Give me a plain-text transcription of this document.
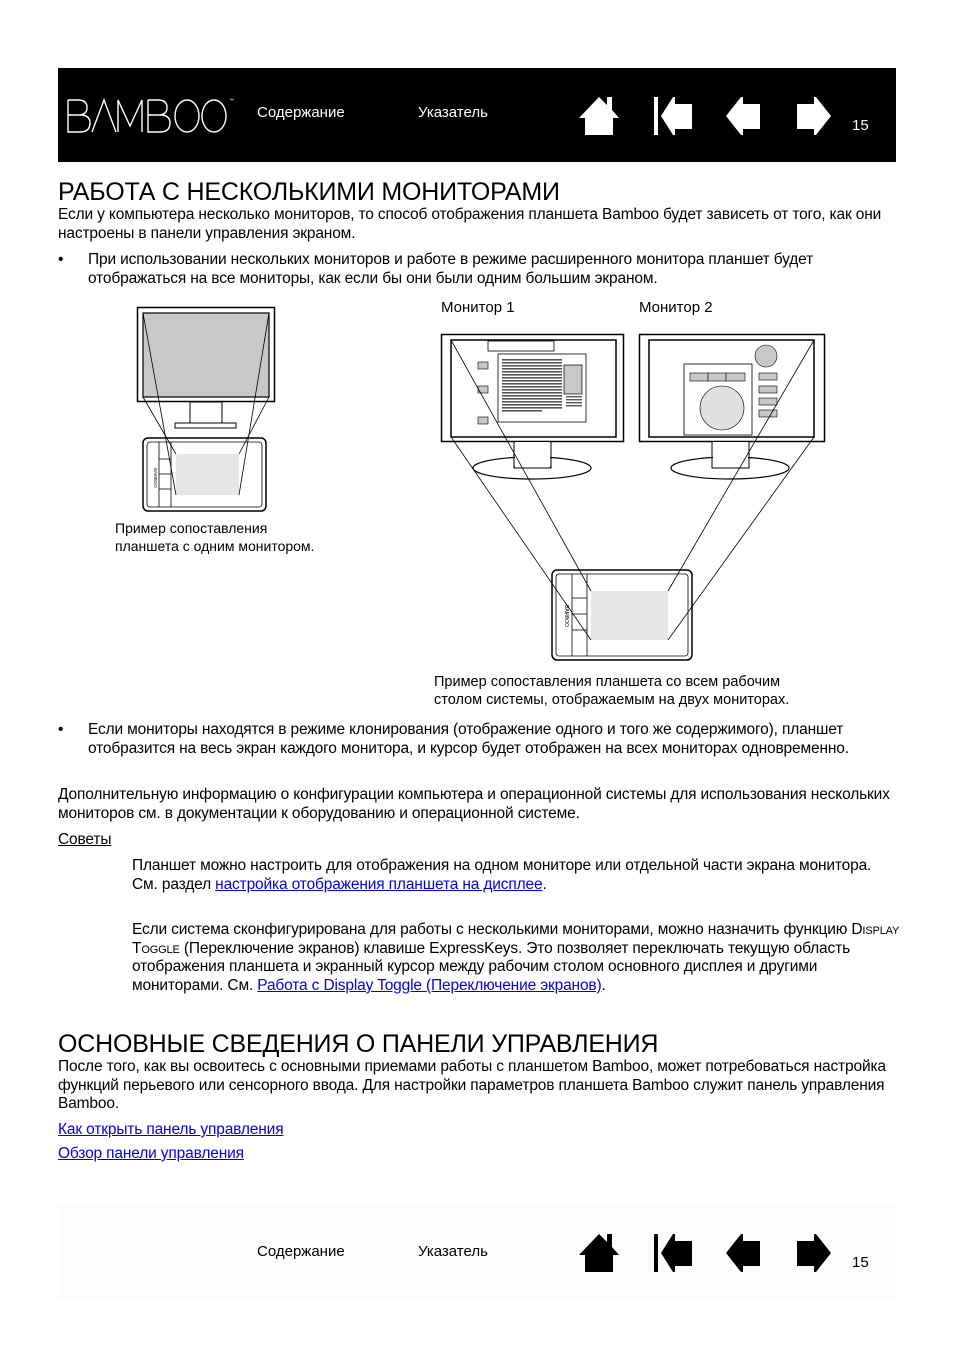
™
Содержание	Указатель
15
РАБОТА С НЕСКОЛЬКИМИ МОНИТОРАМИ

Если у компьютера несколько мониторов, то способ отображения планшета Bamboo будет зависеть от того, как они настроены в панели управления экраном.

• При использовании нескольких мониторов и работе в режиме расширенного монитора планшет будет отображаться на все мониторы, как если бы они были одним большим экраном.

BAMBOO
Пример сопоставления планшета с одним монитором.
Монитор 1	Монитор 2
BAMBOO
Пример сопоставления планшета со всем рабочим
столом системы, отображаемым на двух мониторах.
• Если мониторы находятся в режиме клонирования (отображение одного и того же содержимого), планшет отобразится на весь экран каждого монитора, и курсор будет отображен на всех мониторах одновременно.

Дополнительную информацию о конфигурации компьютера и операционной системы для использования нескольких мониторов см. в документации к оборудованию и операционной системе.

Советы

Планшет можно настроить для отображения на одном мониторе или отдельной части экрана монитора.
См. раздел настройка отображения планшета на дисплее.
Если система сконфигурирована для работы с несколькими мониторами, можно назначить функцию Display Toggle (Переключение экранов) клавише ExpressKeys. Это позволяет переключать текущую область отображения планшета и экранный курсор между рабочим столом основного дисплея и другими мониторами. См. Работа с Display Toggle (Переключение экранов).
ОСНОВНЫЕ СВЕДЕНИЯ О ПАНЕЛИ УПРАВЛЕНИЯ

После того, как вы освоитесь с основными приемами работы с планшетом Bamboo, может потребоваться настройка функций перьевого или сенсорного ввода. Для настройки параметров планшета Bamboo служит панель управления Bamboo.

Как открыть панель управления
Обзор панели управления
Содержание	Указатель
15
